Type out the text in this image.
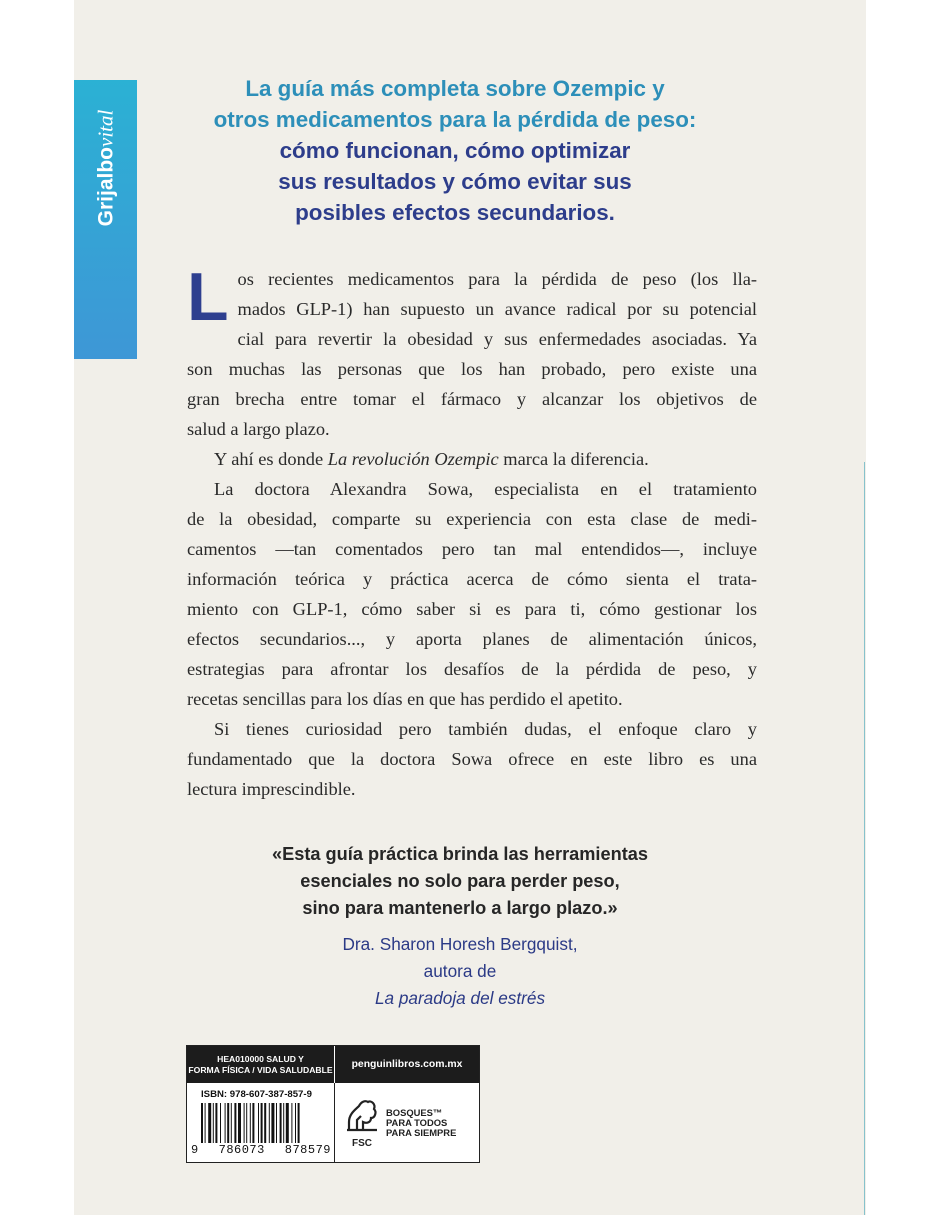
Grijalbovital
La guía más completa sobre Ozempic y
otros medicamentos para la pérdida de peso:
cómo funcionan, cómo optimizar
sus resultados y cómo evitar sus
posibles efectos secundarios.

L os recientes medicamentos para la pérdida de peso (los lla-
mados GLP-1) han supuesto un avance radical por su potencial
cial para revertir la obesidad y sus enfermedades asociadas. Ya
son muchas las personas que los han probado, pero existe una
gran brecha entre tomar el fármaco y alcanzar los objetivos de
salud a largo plazo.

Y ahí es donde La revolución Ozempic marca la diferencia.

La doctora Alexandra Sowa, especialista en el tratamiento
de la obesidad, comparte su experiencia con esta clase de medi-
camentos —tan comentados pero tan mal entendidos—, incluye
información teórica y práctica acerca de cómo sienta el trata-
miento con GLP-1, cómo saber si es para ti, cómo gestionar los
efectos secundarios..., y aporta planes de alimentación únicos,
estrategias para afrontar los desafíos de la pérdida de peso, y
recetas sencillas para los días en que has perdido el apetito.

Si tienes curiosidad pero también dudas, el enfoque claro y
fundamentado que la doctora Sowa ofrece en este libro es una
lectura imprescindible.

«Esta guía práctica brinda las herramientas
esenciales no solo para perder peso,
sino para mantenerlo a largo plazo.»
Dra. Sharon Horesh Bergquist,
autora de
La paradoja del estrés
HEA010000 SALUD Y
FORMA FÍSICA / VIDA SALUDABLE	penguinlibros.com.mx
ISBN: 978-607-387-857-9
9 786073 878579	FSC
BOSQUES™
PARA TODOS
PARA SIEMPRE
